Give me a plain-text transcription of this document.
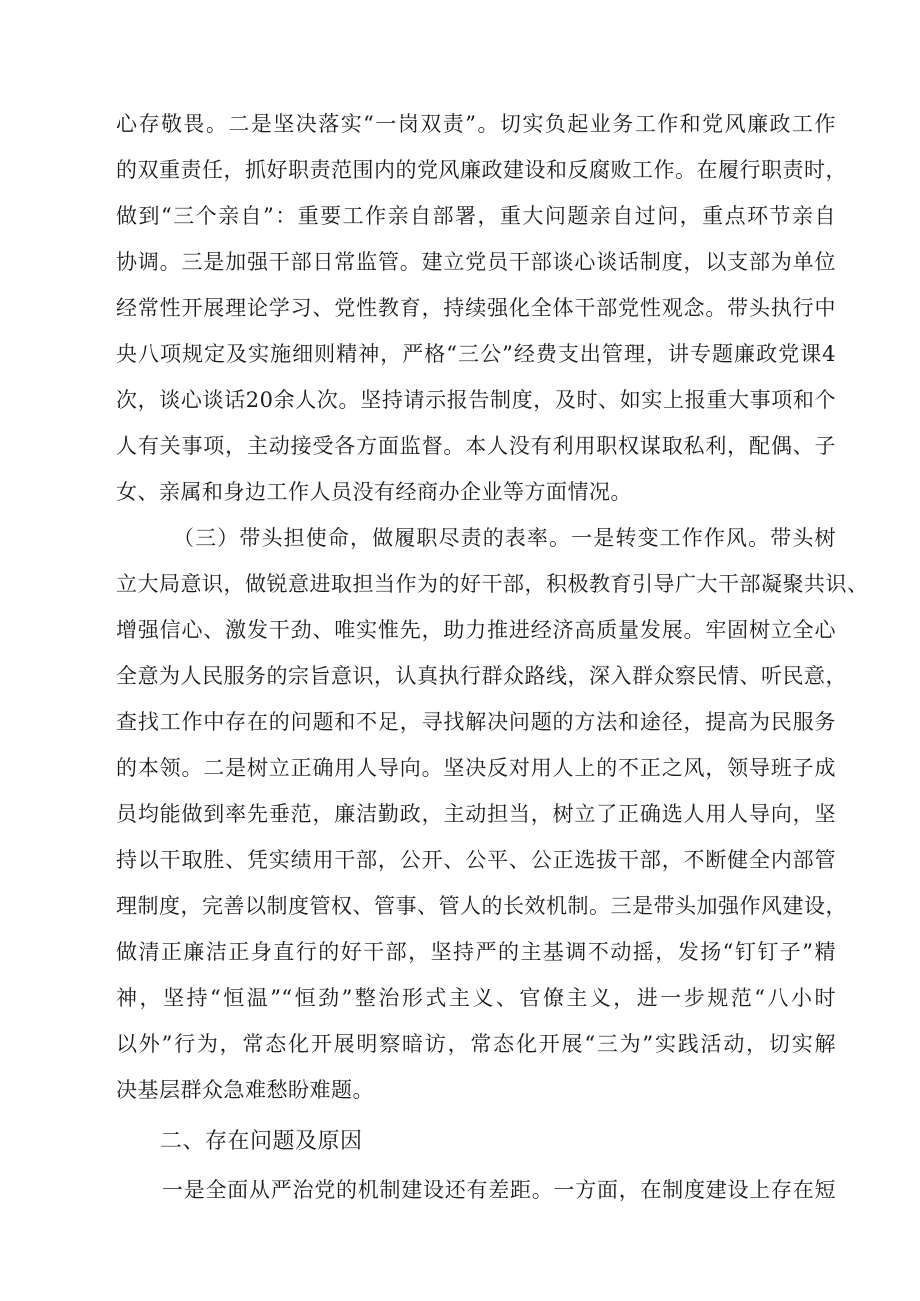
心存敬畏。二是坚决落实“一岗双责”。切实负起业务工作和党风廉政工作
的双重责任，抓好职责范围内的党风廉政建设和反腐败工作。在履行职责时，
做到“三个亲自”：重要工作亲自部署，重大问题亲自过问，重点环节亲自
协调。三是加强干部日常监管。建立党员干部谈心谈话制度，以支部为单位
经常性开展理论学习、党性教育，持续强化全体干部党性观念。带头执行中
央八项规定及实施细则精神，严格“三公”经费支出管理，讲专题廉政党课4
次，谈心谈话20余人次。坚持请示报告制度，及时、如实上报重大事项和个
人有关事项，主动接受各方面监督。本人没有利用职权谋取私利，配偶、子
女、亲属和身边工作人员没有经商办企业等方面情况。
（三）带头担使命，做履职尽责的表率。一是转变工作作风。带头树
立大局意识，做锐意进取担当作为的好干部，积极教育引导广大干部凝聚共识、
增强信心、激发干劲、唯实惟先，助力推进经济高质量发展。牢固树立全心
全意为人民服务的宗旨意识，认真执行群众路线，深入群众察民情、听民意，
查找工作中存在的问题和不足，寻找解决问题的方法和途径，提高为民服务
的本领。二是树立正确用人导向。坚决反对用人上的不正之风，领导班子成
员均能做到率先垂范，廉洁勤政，主动担当，树立了正确选人用人导向，坚
持以干取胜、凭实绩用干部，公开、公平、公正选拔干部，不断健全内部管
理制度，完善以制度管权、管事、管人的长效机制。三是带头加强作风建设，
做清正廉洁正身直行的好干部，坚持严的主基调不动摇，发扬“钉钉子”精
神，坚持“恒温”“恒劲”整治形式主义、官僚主义，进一步规范“八小时
以外”行为，常态化开展明察暗访，常态化开展“三为”实践活动，切实解
决基层群众急难愁盼难题。
二、存在问题及原因
一是全面从严治党的机制建设还有差距。一方面，在制度建设上存在短
